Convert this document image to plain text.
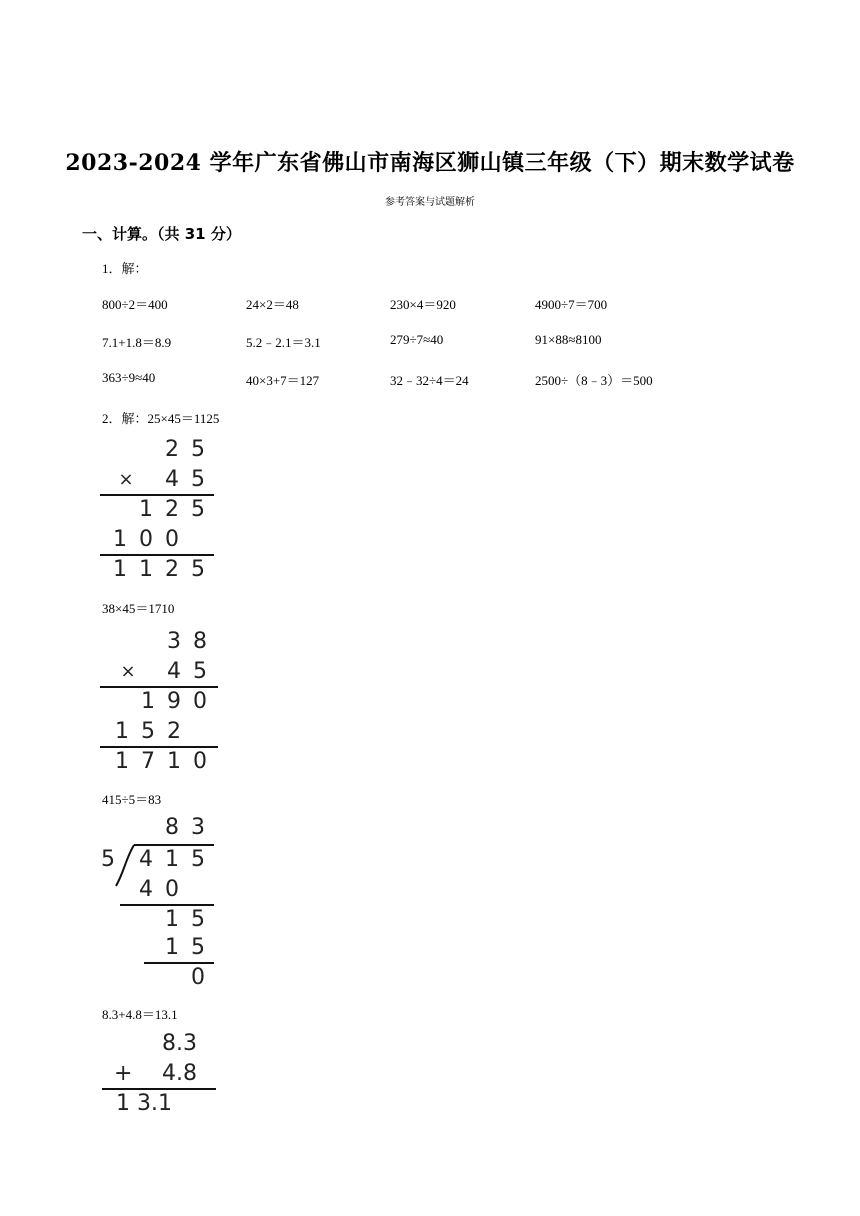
2023-2024 学年广东省佛山市南海区狮山镇三年级（下）期末数学试卷
参考答案与试题解析
一、计算。（共 31 分）
1．解：
800÷2＝400	24×2＝48	230×4＝920	4900÷7＝700
7.1+1.8＝8.9	5.2﹣2.1＝3.1	279÷7≈40	91×88≈8100
363÷9≈40	40×3+7＝127	32﹣32÷4＝24	2500÷（8﹣3）＝500
2．解：25×45＝1125
2 5
× 4 5
1 2 5
1 0 0
1 1 2 5
38×45＝1710
3 8
× 4 5
1 9 0
1 5 2
1 7 1 0
415÷5＝83
8 3
5 4 1 5
4 0
1 5
1 5
0
8.3+4.8＝13.1
8.3
+ 4.8
1 3.1
